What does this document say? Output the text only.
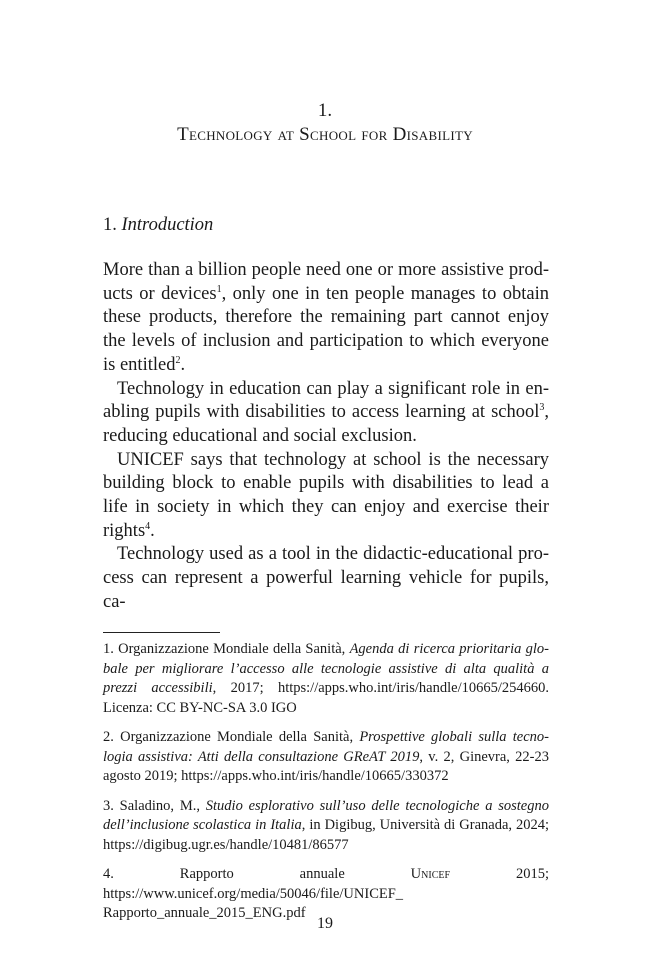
1.
Technology at School for Disability
1. Introduction

More than a billion people need one or more assistive products or devices$^1$, only one in ten people manages to obtain these products, therefore the remaining part cannot enjoy the levels of inclusion and participation to which everyone is entitled$^2$.

Technology in education can play a significant role in enabling pupils with disabilities to access learning at school$^3$, reducing educational and social exclusion.

UNICEF says that technology at school is the necessary building block to enable pupils with disabilities to lead a life in society in which they can enjoy and exercise their rights$^4$.

Technology used as a tool in the didactic-educational process can represent a powerful learning vehicle for pupils, ca-

1. Organizzazione Mondiale della Sanità, Agenda di ricerca prioritaria globale per migliorare l’accesso alle tecnologie assistive di alta qualità a prezzi accessibili, 2017; https://apps.who.int/iris/handle/10665/254660. Licenza: CC BY-NC-SA 3.0 IGO

2. Organizzazione Mondiale della Sanità, Prospettive globali sulla tecnologia assistiva: Atti della consultazione GReAT 2019, v. 2, Ginevra, 22-23 agosto 2019; https://apps.who.int/iris/handle/10665/330372

3. Saladino, M., Studio esplorativo sull’uso delle tecnologiche a sostegno dell’inclusione scolastica in Italia, in Digibug, Università di Granada, 2024; https://digibug.ugr.es/handle/10481/86577

4. Rapporto annuale Unicef 2015; https://www.unicef.org/media/50046/file/UNICEF_ Rapporto_annuale_2015_ENG.pdf

19
